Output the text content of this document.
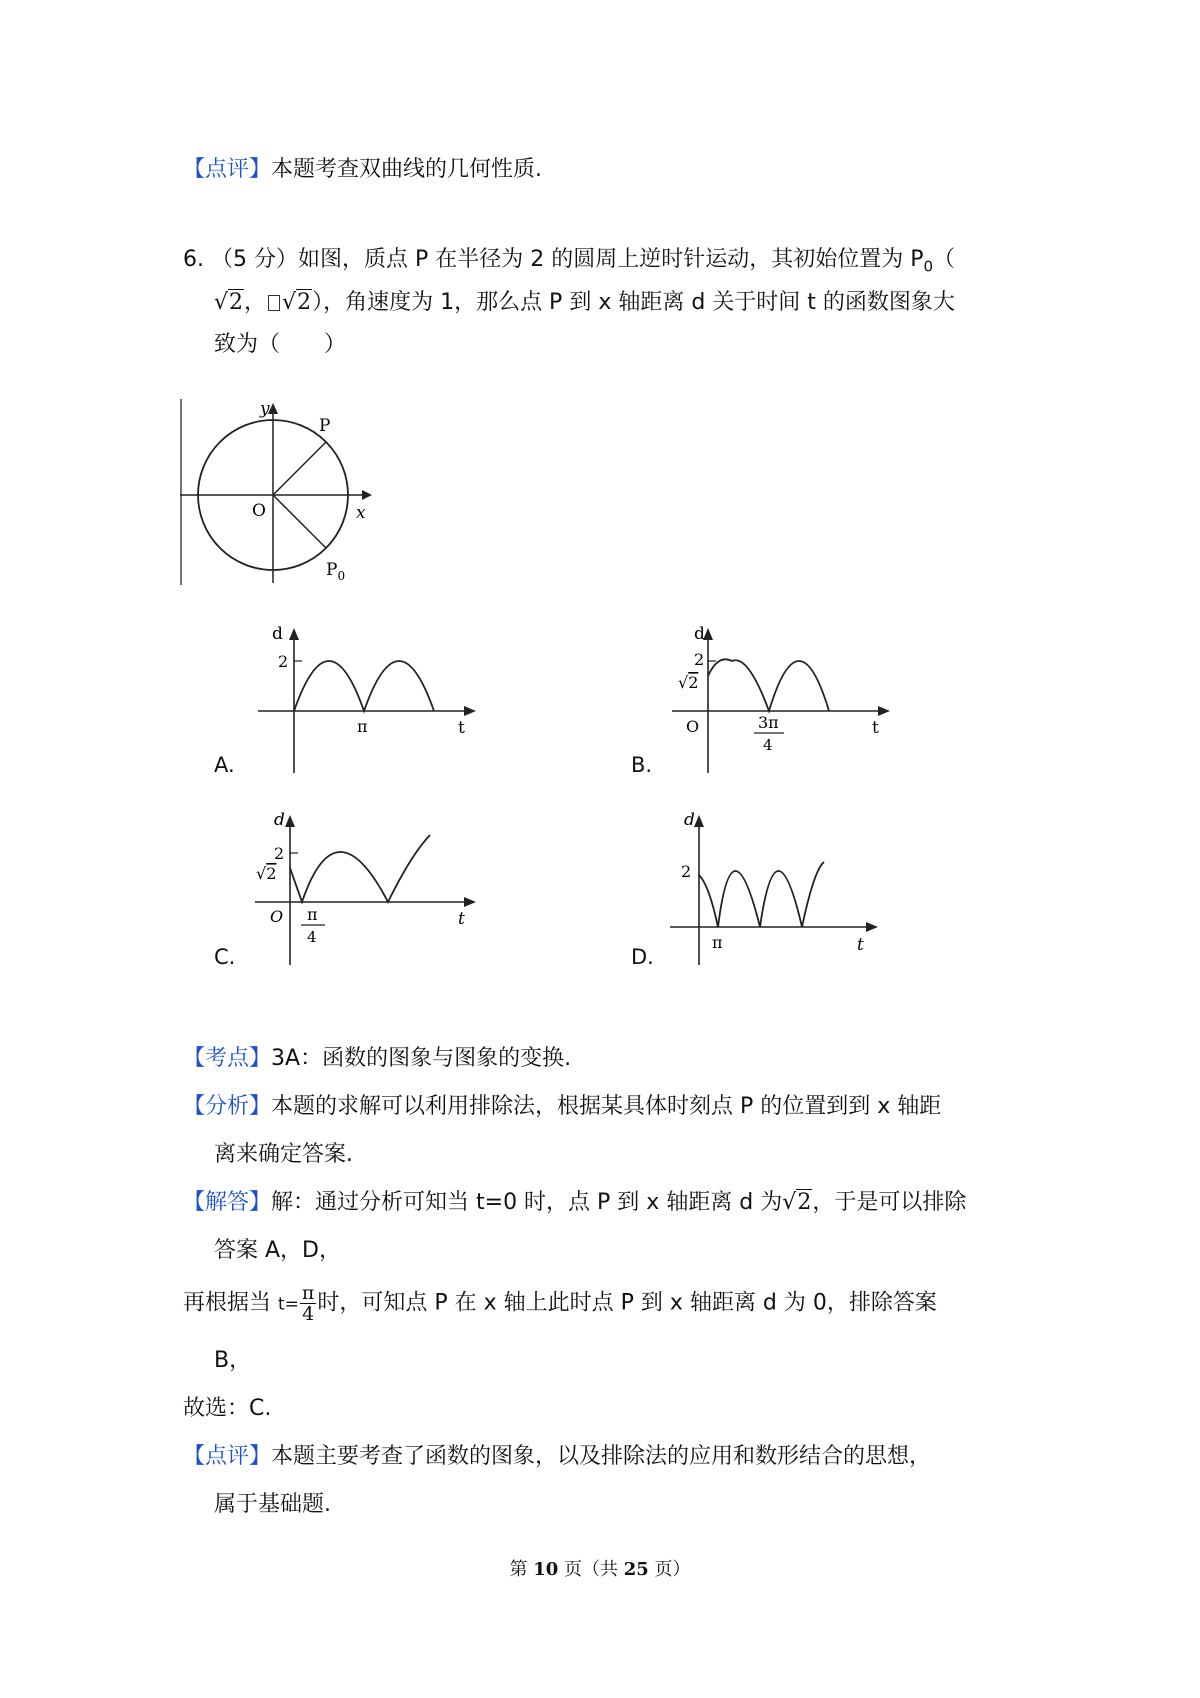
【点评】本题考查双曲线的几何性质.
6. （5 分）如图，质点 P 在半径为 2 的圆周上逆时针运动，其初始位置为 $P_0$（
√2， √2），角速度为 1，那么点 P 到 x 轴距离 d 关于时间 t 的函数图象大
致为（　　）
y
x
O
P
$P_0$
A.
d
t
2
π
B.
d
t
2
√2
O	3π
4
C.
d
t
2
√2
O π
4
D.
d
t
2
π
【考点】3A：函数的图象与图象的变换.
【分析】本题的求解可以利用排除法，根据某具体时刻点 P 的位置到到 x 轴距
离来确定答案.
【解答】解：通过分析可知当 t=0 时，点 P 到 x 轴距离 d 为√2，于是可以排除
答案 A，D，
再根据当 $t= \frac{\pi}{4}$ 时，可知点 P 在 x 轴上此时点 P 到 x 轴距离 d 为 0，排除答案
B，
故选：C.
【点评】本题主要考查了函数的图象，以及排除法的应用和数形结合的思想，
属于基础题.
第 10 页（共 25 页）
